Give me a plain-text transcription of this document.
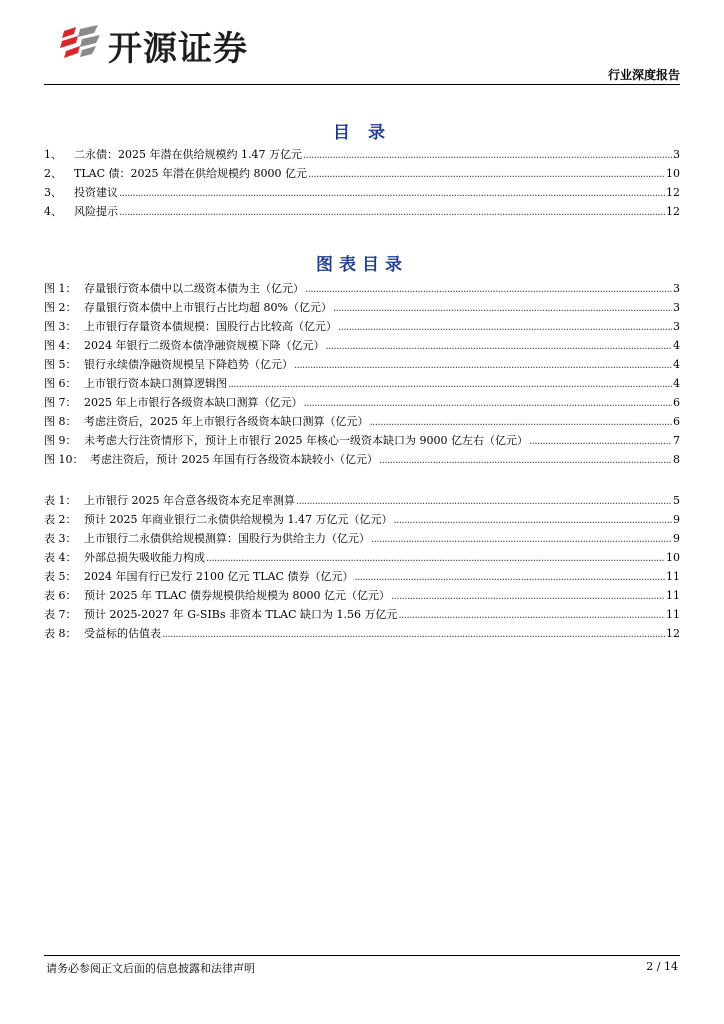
开源证券
行业深度报告
目 录
1、	二永债：2025 年潜在供给规模约 1.47 万亿元 .....	3
2、	TLAC 债：2025 年潜在供给规模约 8000 亿元 .....	10
3、	投资建议 .....	12
4、	风险提示 .....	12
图表目录
图 1： 存量银行资本债中以二级资本债为主（亿元） .....	3
图 2： 存量银行资本债中上市银行占比均超 80%（亿元） .....	3
图 3： 上市银行存量资本债规模：国股行占比较高（亿元） .....	3
图 4： 2024 年银行二级资本债净融资规模下降（亿元） .....	4
图 5： 银行永续债净融资规模呈下降趋势（亿元） .....	4
图 6： 上市银行资本缺口测算逻辑图 .....	4
图 7： 2025 年上市银行各级资本缺口测算（亿元） .....	6
图 8： 考虑注资后，2025 年上市银行各级资本缺口测算（亿元） .....	6
图 9： 未考虑大行注资情形下，预计上市银行 2025 年核心一级资本缺口为 9000 亿左右（亿元） .....	7
图 10： 考虑注资后，预计 2025 年国有行各级资本缺较小（亿元） .....	8
表 1： 上市银行 2025 年合意各级资本充足率测算 .....	5
表 2： 预计 2025 年商业银行二永债供给规模为 1.47 万亿元（亿元） .....	9
表 3： 上市银行二永债供给规模测算：国股行为供给主力（亿元） .....	9
表 4： 外部总损失吸收能力构成 .....	10
表 5： 2024 年国有行已发行 2100 亿元 TLAC 债券（亿元） .....	11
表 6： 预计 2025 年 TLAC 债券规模供给规模为 8000 亿元（亿元） .....	11
表 7： 预计 2025-2027 年 G-SIBs 非资本 TLAC 缺口为 1.56 万亿元 .....	11
表 8： 受益标的估值表 .....	12
请务必参阅正文后面的信息披露和法律声明	2 / 14
